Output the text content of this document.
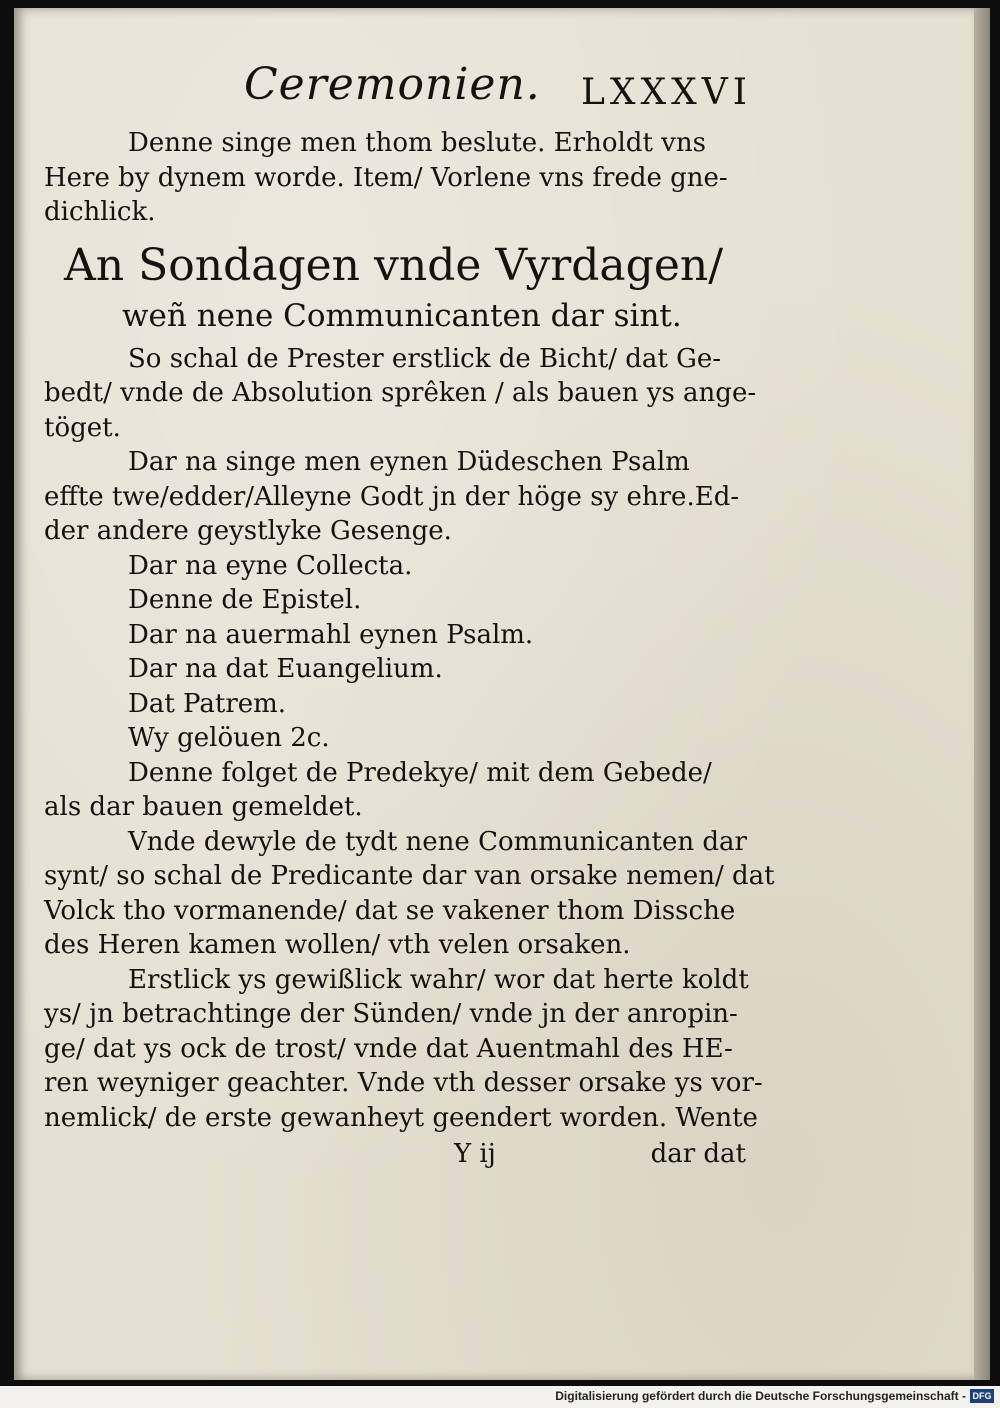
Ceremonien. LXXXVI
Denne singe men thom beslute. Erholdt vns
Here by dynem worde. Item/ Vorlene vns frede gne-
dichlick.
An Sondagen vnde Vyrdagen/
weñ nene Communicanten dar sint.
So schal de Prester erstlick de Bicht/ dat Ge-
bedt/ vnde de Absolution sprêken / als bauen ys ange-
töget.
Dar na singe men eynen Düdeschen Psalm
effte twe/edder/Alleyne Godt jn der höge sy ehre.Ed-
der andere geystlyke Gesenge.
Dar na eyne Collecta.
Denne de Epistel.
Dar na auermahl eynen Psalm.
Dar na dat Euangelium.
Dat Patrem.
Wy gelöuen 2c.
Denne folget de Predekye/ mit dem Gebede/
als dar bauen gemeldet.
Vnde dewyle de tydt nene Communicanten dar
synt/ so schal de Predicante dar van orsake nemen/ dat
Volck tho vormanende/ dat se vakener thom Dissche
des Heren kamen wollen/ vth velen orsaken.
Erstlick ys gewißlick wahr/ wor dat herte koldt
ys/ jn betrachtinge der Sünden/ vnde jn der anropin-
ge/ dat ys ock de trost/ vnde dat Auentmahl des HE-
ren weyniger geachter. Vnde vth desser orsake ys vor-
nemlick/ de erste gewanheyt geendert worden. Wente
Y ij	dar dat
Digitalisierung gefördert durch die Deutsche Forschungsgemeinschaft - DFG
